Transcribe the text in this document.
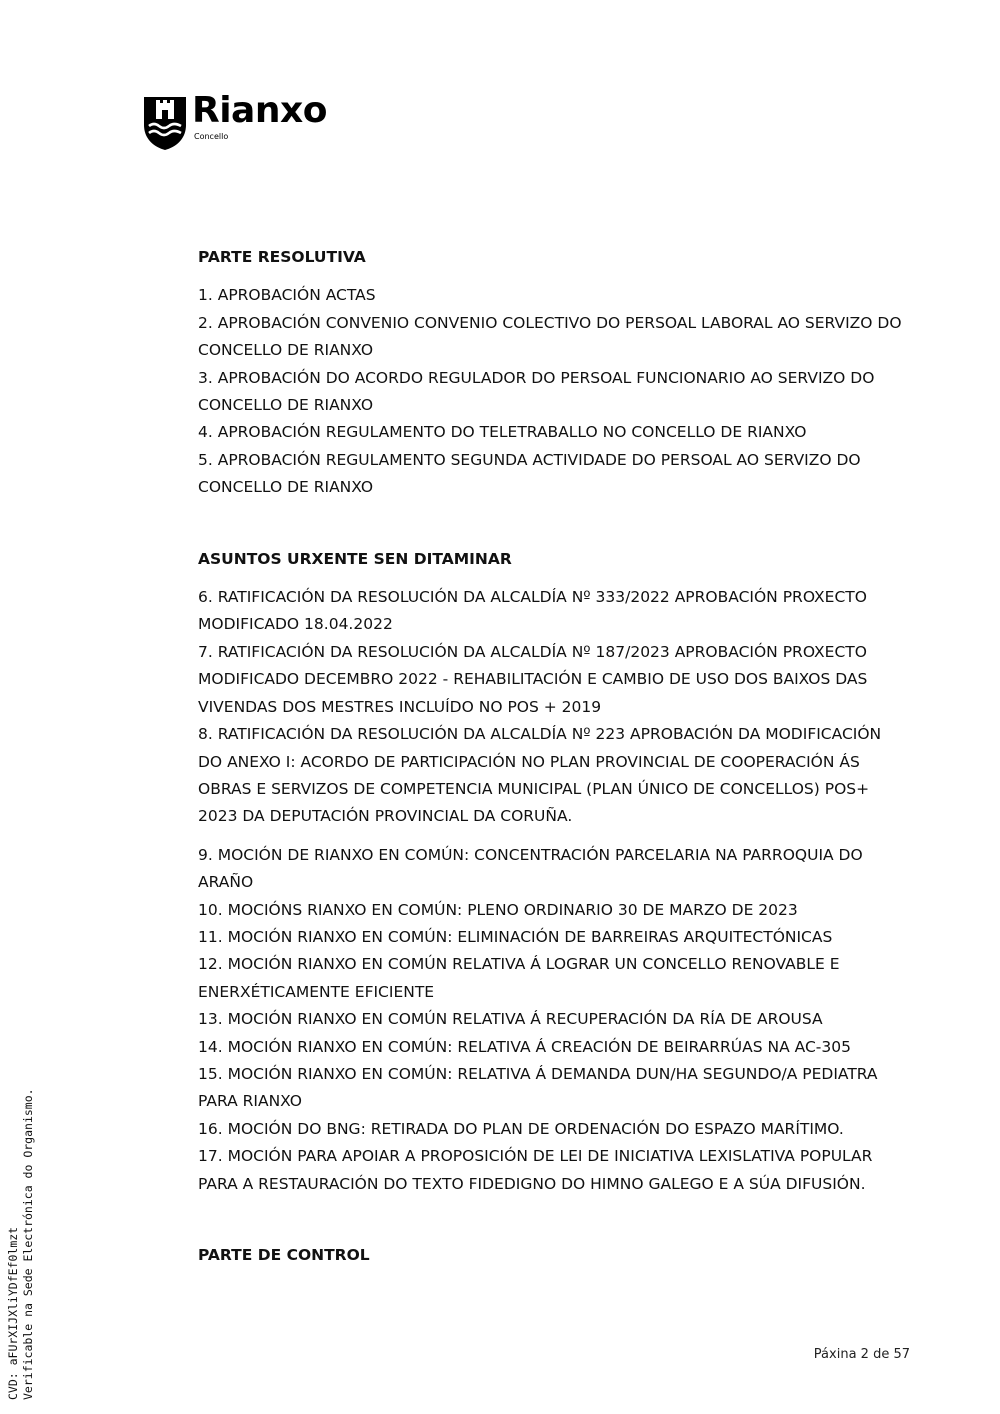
Rianxo
Concello

PARTE RESOLUTIVA

1. APROBACIÓN ACTAS

2. APROBACIÓN CONVENIO CONVENIO COLECTIVO DO PERSOAL LABORAL AO SERVIZO DO CONCELLO DE RIANXO

3. APROBACIÓN DO ACORDO REGULADOR DO PERSOAL FUNCIONARIO AO SERVIZO DO CONCELLO DE RIANXO

4. APROBACIÓN REGULAMENTO DO TELETRABALLO NO CONCELLO DE RIANXO

5. APROBACIÓN REGULAMENTO SEGUNDA ACTIVIDADE DO PERSOAL AO SERVIZO DO CONCELLO DE RIANXO

ASUNTOS URXENTE SEN DITAMINAR

6. RATIFICACIÓN DA RESOLUCIÓN DA ALCALDÍA Nº 333/2022 APROBACIÓN PROXECTO MODIFICADO 18.04.2022

7. RATIFICACIÓN DA RESOLUCIÓN DA ALCALDÍA Nº 187/2023 APROBACIÓN PROXECTO MODIFICADO DECEMBRO 2022 - REHABILITACIÓN E CAMBIO DE USO DOS BAIXOS DAS VIVENDAS DOS MESTRES INCLUÍDO NO POS + 2019

8. RATIFICACIÓN DA RESOLUCIÓN DA ALCALDÍA Nº 223 APROBACIÓN DA MODIFICACIÓN DO ANEXO I: ACORDO DE PARTICIPACIÓN NO PLAN PROVINCIAL DE COOPERACIÓN ÁS OBRAS E SERVIZOS DE COMPETENCIA MUNICIPAL (PLAN ÚNICO DE CONCELLOS) POS+ 2023 DA DEPUTACIÓN PROVINCIAL DA CORUÑA.

9. MOCIÓN DE RIANXO EN COMÚN: CONCENTRACIÓN PARCELARIA NA PARROQUIA DO ARAÑO

10. MOCIÓNS RIANXO EN COMÚN: PLENO ORDINARIO 30 DE MARZO DE 2023

11. MOCIÓN RIANXO EN COMÚN: ELIMINACIÓN DE BARREIRAS ARQUITECTÓNICAS

12. MOCIÓN RIANXO EN COMÚN RELATIVA Á LOGRAR UN CONCELLO RENOVABLE E ENERXÉTICAMENTE EFICIENTE

13. MOCIÓN RIANXO EN COMÚN RELATIVA Á RECUPERACIÓN DA RÍA DE AROUSA

14. MOCIÓN RIANXO EN COMÚN: RELATIVA Á CREACIÓN DE BEIRARRÚAS NA AC-305

15. MOCIÓN RIANXO EN COMÚN: RELATIVA Á DEMANDA DUN/HA SEGUNDO/A PEDIATRA PARA RIANXO

16. MOCIÓN DO BNG: RETIRADA DO PLAN DE ORDENACIÓN DO ESPAZO MARÍTIMO.

17. MOCIÓN PARA APOIAR A PROPOSICIÓN DE LEI DE INICIATIVA LEXISLATIVA POPULAR PARA A RESTAURACIÓN DO TEXTO FIDEDIGNO DO HIMNO GALEGO E A SÚA DIFUSIÓN.

PARTE DE CONTROL

Páxina 2 de 57
CVD: aFUrXIJXliYDfEf0lmzt Verificable na Sede Electrónica do Organismo.
